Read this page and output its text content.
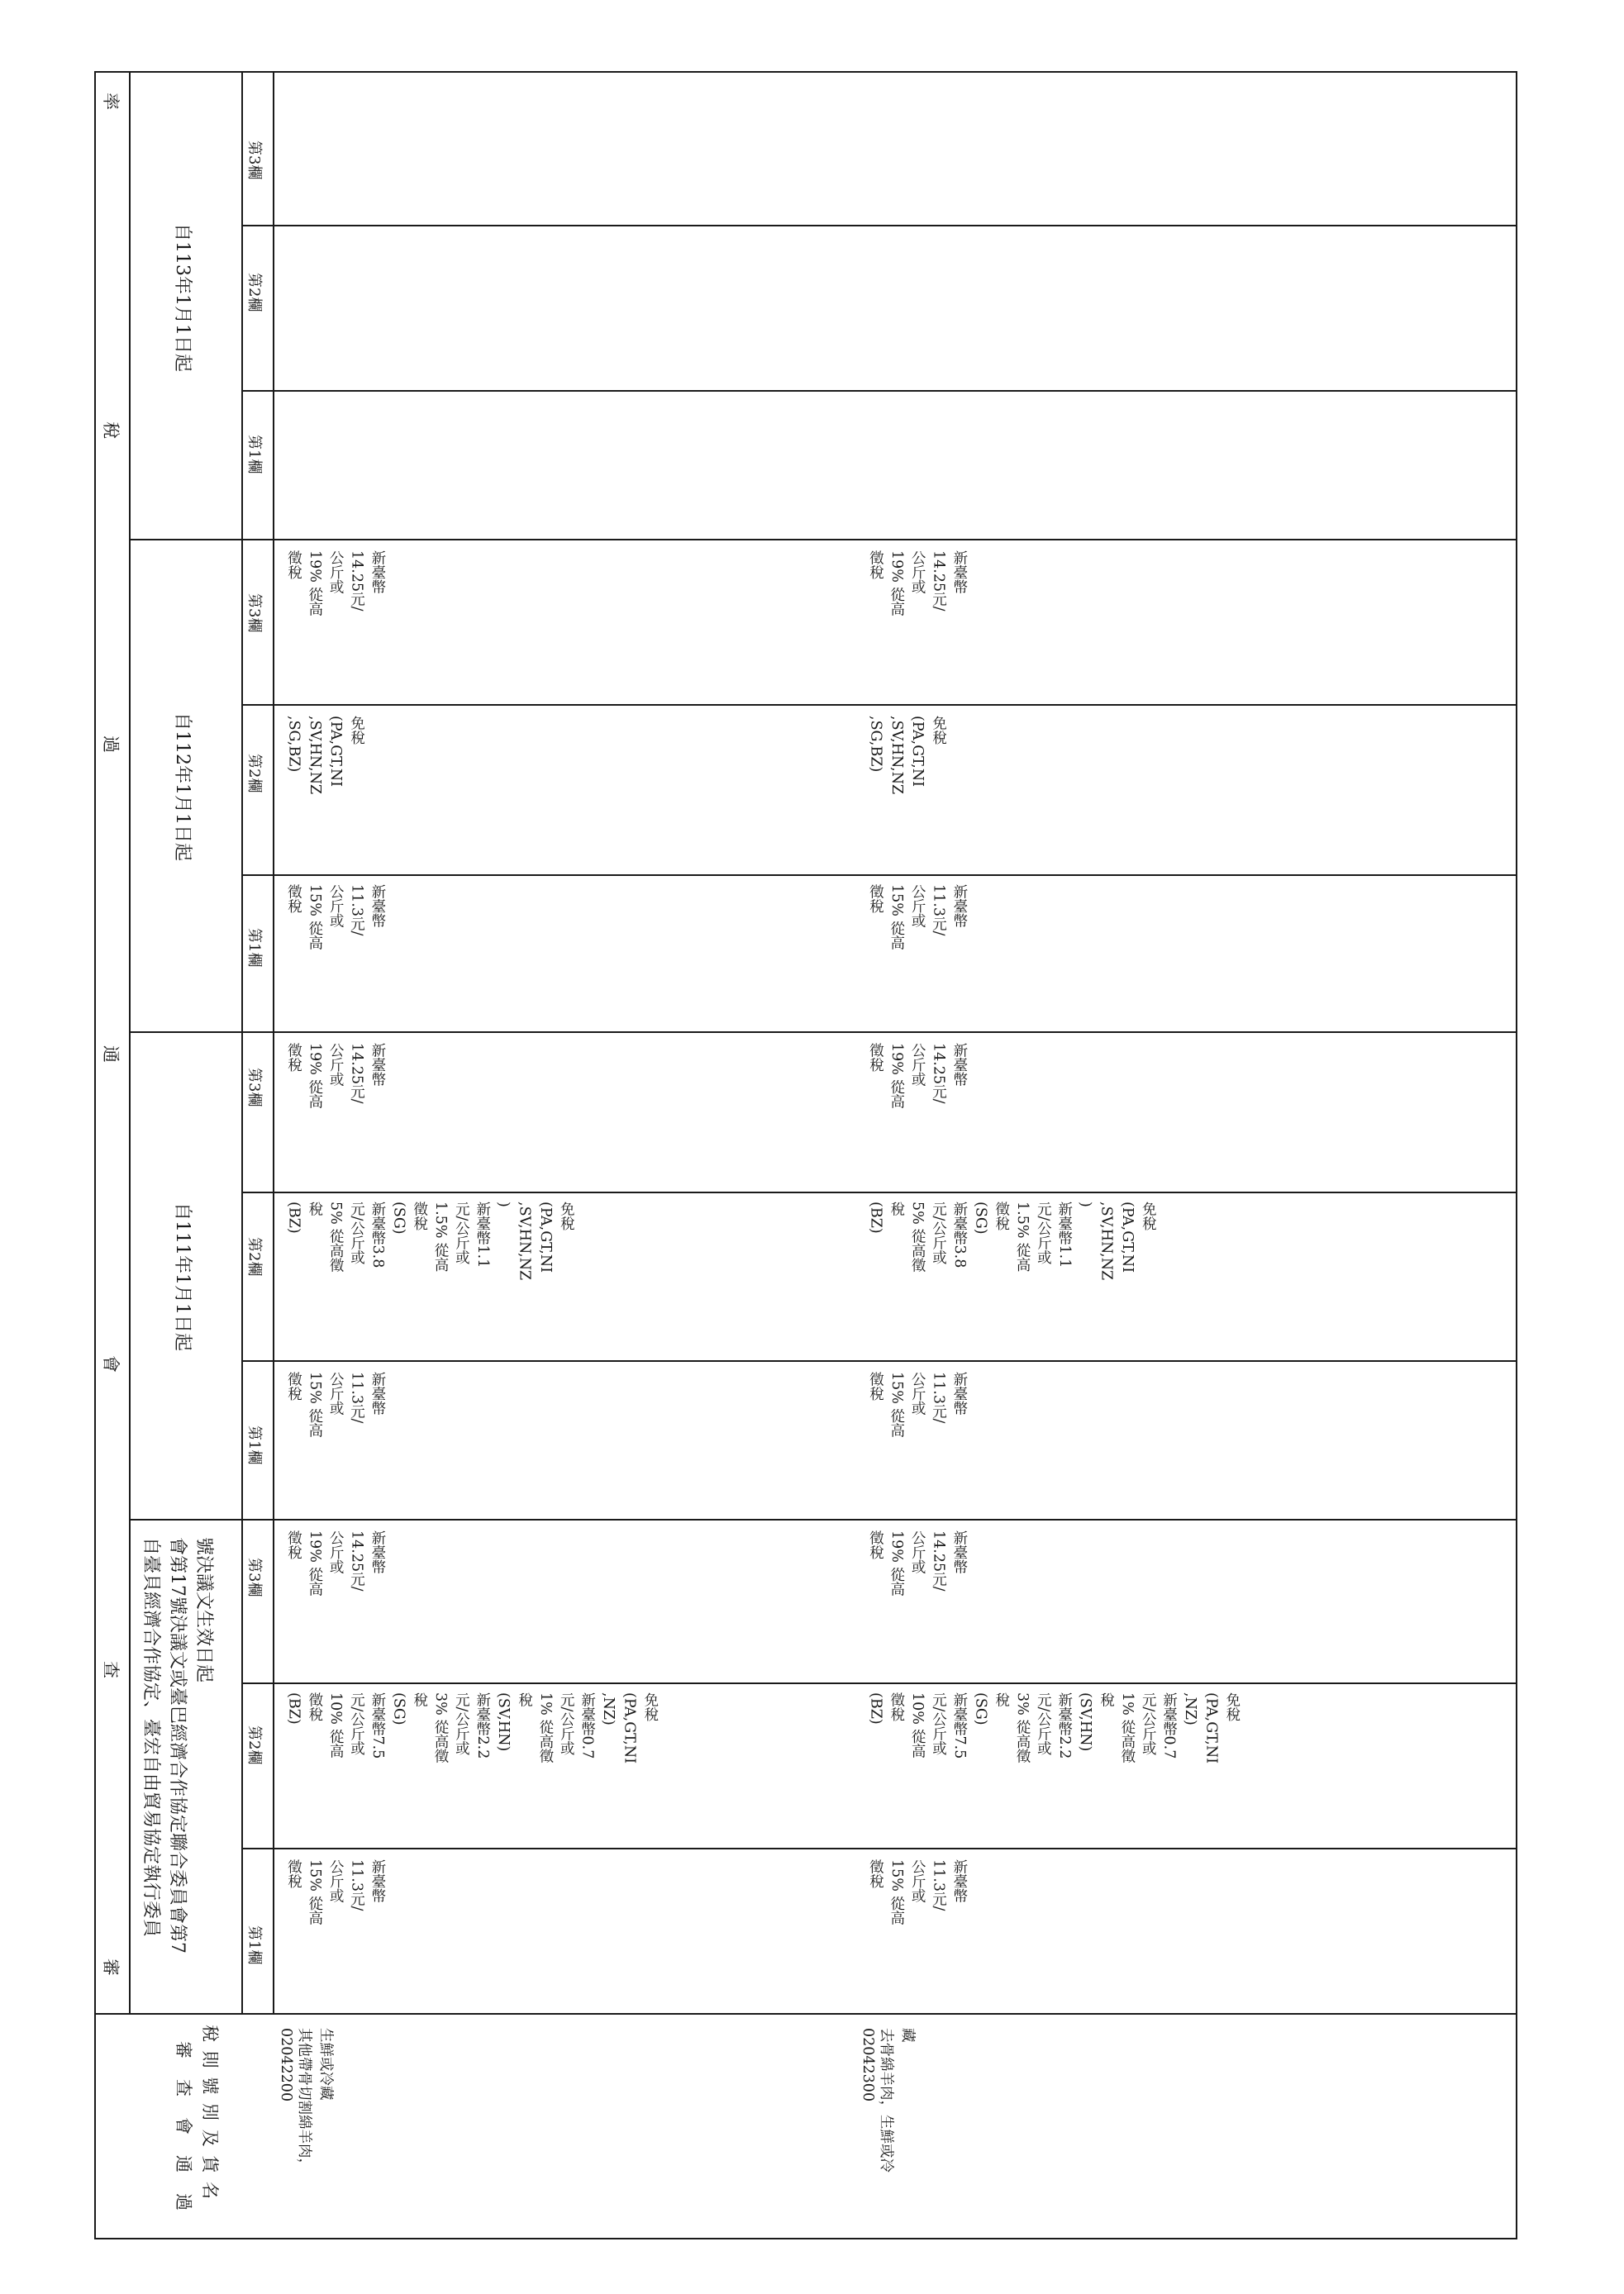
審
查
會
通
過
稅
率
審　查　會　通　過 稅 則 號 別 及 貨 名
自臺貝經濟合作協定、臺宏自由貿易協定執行委員 會第17號決議文或臺巴經濟合作協定聯合委員會第7 號決議文生效日起
自111年1月1日起
自112年1月1日起
自113年1月1日起
第1欄
第2欄
第3欄
第1欄
第2欄
第3欄
第1欄
第2欄
第3欄
第1欄
第2欄
第3欄
02042200 其他帶骨切割綿羊肉， 生鮮或冷藏
新臺幣
11.3元/
公斤或
15% 從高
徵稅
免稅
(PA,GT,NI
,NZ)
新臺幣0.7
元/公斤或
1% 從高徵
稅
(SV,HN)
新臺幣2.2
元/公斤或
3% 從高徵
稅
(SG)
新臺幣7.5
元/公斤或
10% 從高
徵稅
(BZ)
新臺幣
14.25元/
公斤或
19% 從高
徵稅
新臺幣
11.3元/
公斤或
15% 從高
徵稅
免稅
(PA,GT,NI
,SV,HN,NZ
)
新臺幣1.1
元/公斤或
1.5% 從高
徵稅
(SG)
新臺幣3.8
元/公斤或
5% 從高徵
稅
(BZ)
新臺幣
14.25元/
公斤或
19% 從高
徵稅
新臺幣
11.3元/
公斤或
15% 從高
徵稅
免稅
(PA,GT,NI
,SV,HN,NZ
,SG,BZ)
新臺幣
14.25元/
公斤或
19% 從高
徵稅
02042300 去骨綿羊肉，生鮮或冷 藏
新臺幣
11.3元/
公斤或
15% 從高
徵稅
免稅
(PA,GT,NI
,NZ)
新臺幣0.7
元/公斤或
1% 從高徵
稅
(SV,HN)
新臺幣2.2
元/公斤或
3% 從高徵
稅
(SG)
新臺幣7.5
元/公斤或
10% 從高
徵稅
(BZ)
新臺幣
14.25元/
公斤或
19% 從高
徵稅
新臺幣
11.3元/
公斤或
15% 從高
徵稅
免稅
(PA,GT,NI
,SV,HN,NZ
)
新臺幣1.1
元/公斤或
1.5% 從高
徵稅
(SG)
新臺幣3.8
元/公斤或
5% 從高徵
稅
(BZ)
新臺幣
14.25元/
公斤或
19% 從高
徵稅
新臺幣
11.3元/
公斤或
15% 從高
徵稅
免稅
(PA,GT,NI
,SV,HN,NZ
,SG,BZ)
新臺幣
14.25元/
公斤或
19% 從高
徵稅
